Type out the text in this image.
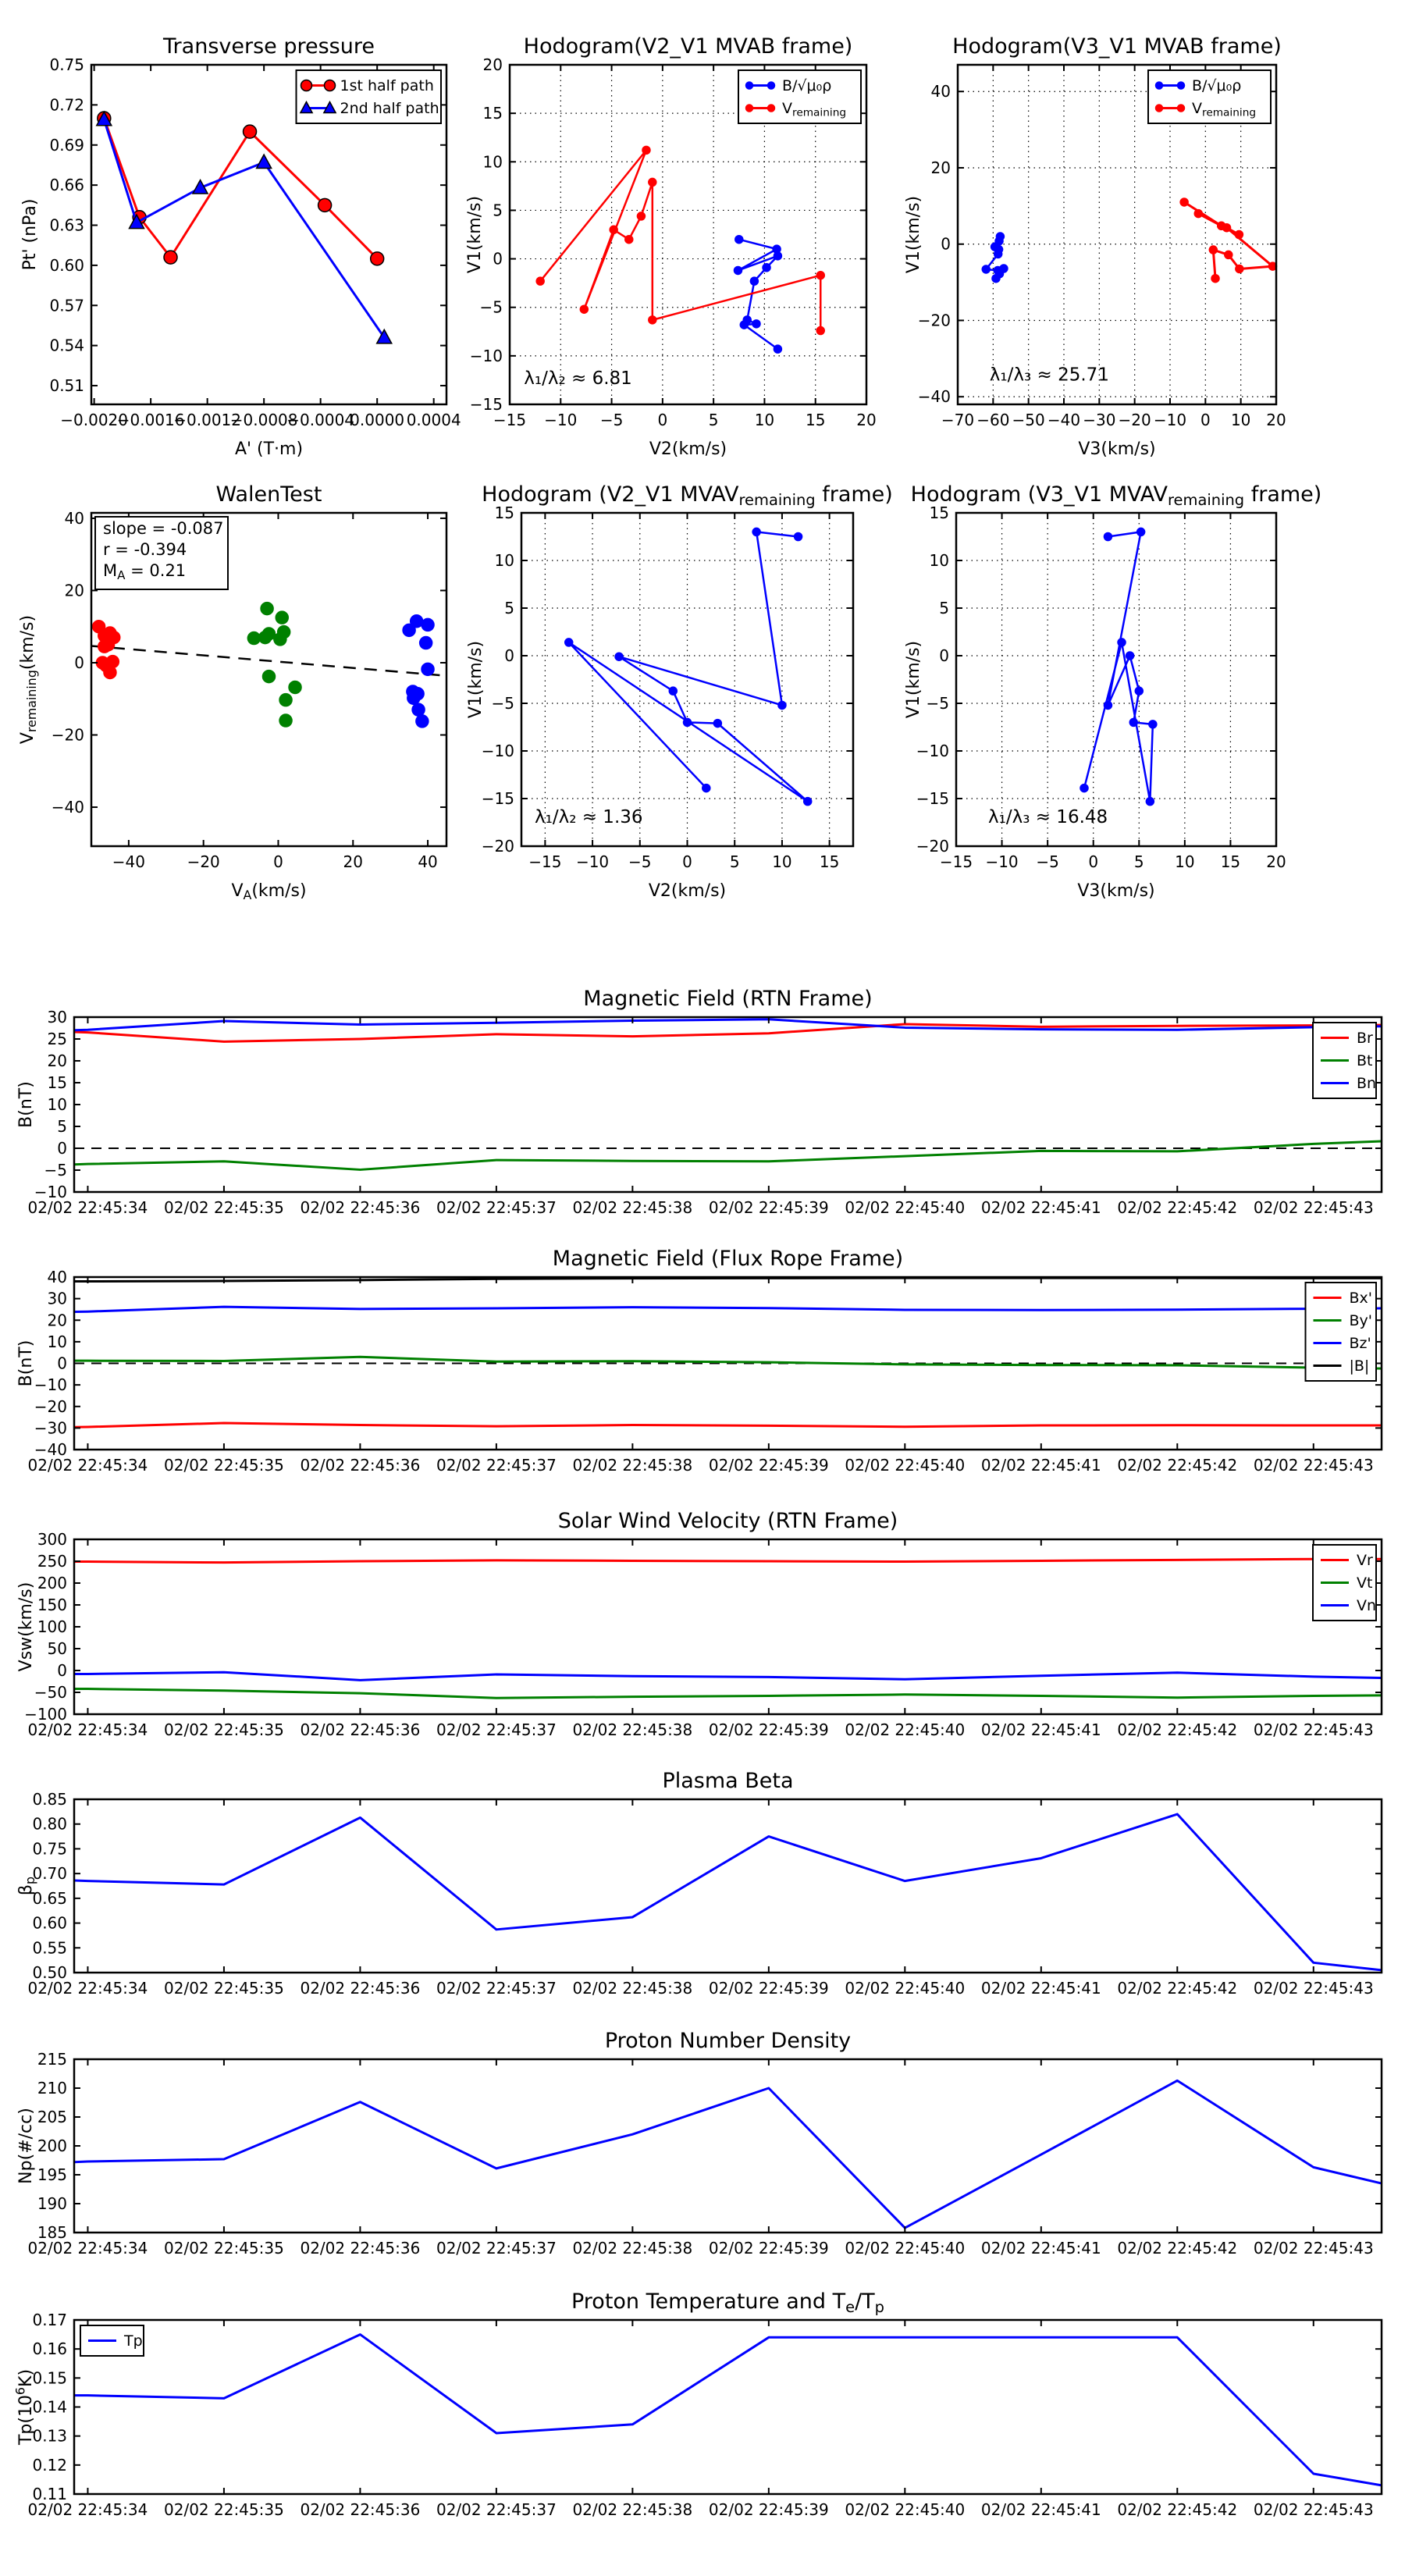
−0.0020
−0.0016
−0.0012
−0.0008
−0.0004
0.0000 0.0004
0.51
0.54
0.57
0.60
0.63
0.66
0.69
0.72
0.75
Transverse pressure
A' (T·m)
Pt' (nPa)
1st half path
2nd half path
−15 −10 −5 0	5 10 15 20
−15
−10
−5
0
5
10
15
20
Hodogram(V2_V1 MVAB frame)
V2(km/s)
V1(km/s)
λ₁/λ₂ ≈ 6.81
B/√μ₀ρ
Vremaining
−70 −60 −50 −40 −30 −20 −10 0 10 20
−40
−20
0
20
40
Hodogram(V3_V1 MVAB frame)
V3(km/s)
V1(km/s)
λ₁/λ₃ ≈ 25.71
B/√μ₀ρ
Vremaining
−40	−20	0	20	40
−40
−20
0
20
40
WalenTest
VA(km/s)
Vremaining(km/s)
slope = -0.087
r = -0.394
MA = 0.21
−15 −10 −5 0 5 10 15
−20
−15
−10
−5
0
5
10
15
Hodogram (V2_V1 MVAVremaining frame)
V2(km/s)
V1(km/s)
λ₁/λ₂ ≈ 1.36
−15 −10 −5 0 5 10 15 20
−20
−15
−10
−5
0
5
10
15
Hodogram (V3_V1 MVAVremaining frame)
V3(km/s)
V1(km/s)
λ₁/λ₃ ≈ 16.48
02/02 22:45:34 02/02 22:45:35 02/02 22:45:36 02/02 22:45:37 02/02 22:45:38 02/02 22:45:39 02/02 22:45:40 02/02 22:45:41 02/02 22:45:42 02/02 22:45:43
−10
−5
0
5
10
15
20
25
30
Magnetic Field (RTN Frame)
B(nT)
Br
Bt
Bn
02/02 22:45:34 02/02 22:45:35 02/02 22:45:36 02/02 22:45:37 02/02 22:45:38 02/02 22:45:39 02/02 22:45:40 02/02 22:45:41 02/02 22:45:42 02/02 22:45:43
−40
−30
−20
−10
0
10
20
30
40
Magnetic Field (Flux Rope Frame)
B(nT)
Bx'
By'
Bz'
|B|
02/02 22:45:34 02/02 22:45:35 02/02 22:45:36 02/02 22:45:37 02/02 22:45:38 02/02 22:45:39 02/02 22:45:40 02/02 22:45:41 02/02 22:45:42 02/02 22:45:43
−100
−50
0
50
100
150
200
250
300
Solar Wind Velocity (RTN Frame)
Vsw(km/s)
Vr
Vt
Vn
02/02 22:45:34 02/02 22:45:35 02/02 22:45:36 02/02 22:45:37 02/02 22:45:38 02/02 22:45:39 02/02 22:45:40 02/02 22:45:41 02/02 22:45:42 02/02 22:45:43
0.50
0.55
0.60
0.65
0.70
0.75
0.80
0.85
Plasma Beta
βp
02/02 22:45:34 02/02 22:45:35 02/02 22:45:36 02/02 22:45:37 02/02 22:45:38 02/02 22:45:39 02/02 22:45:40 02/02 22:45:41 02/02 22:45:42 02/02 22:45:43
185
190
195
200
205
210
215
Proton Number Density
Np(#/cc)
02/02 22:45:34 02/02 22:45:35 02/02 22:45:36 02/02 22:45:37 02/02 22:45:38 02/02 22:45:39 02/02 22:45:40 02/02 22:45:41 02/02 22:45:42 02/02 22:45:43
0.11
0.12
0.13
0.14
0.15
0.16
0.17
Proton Temperature and Te/Tp
$Tp(10^6K)$
Tp
